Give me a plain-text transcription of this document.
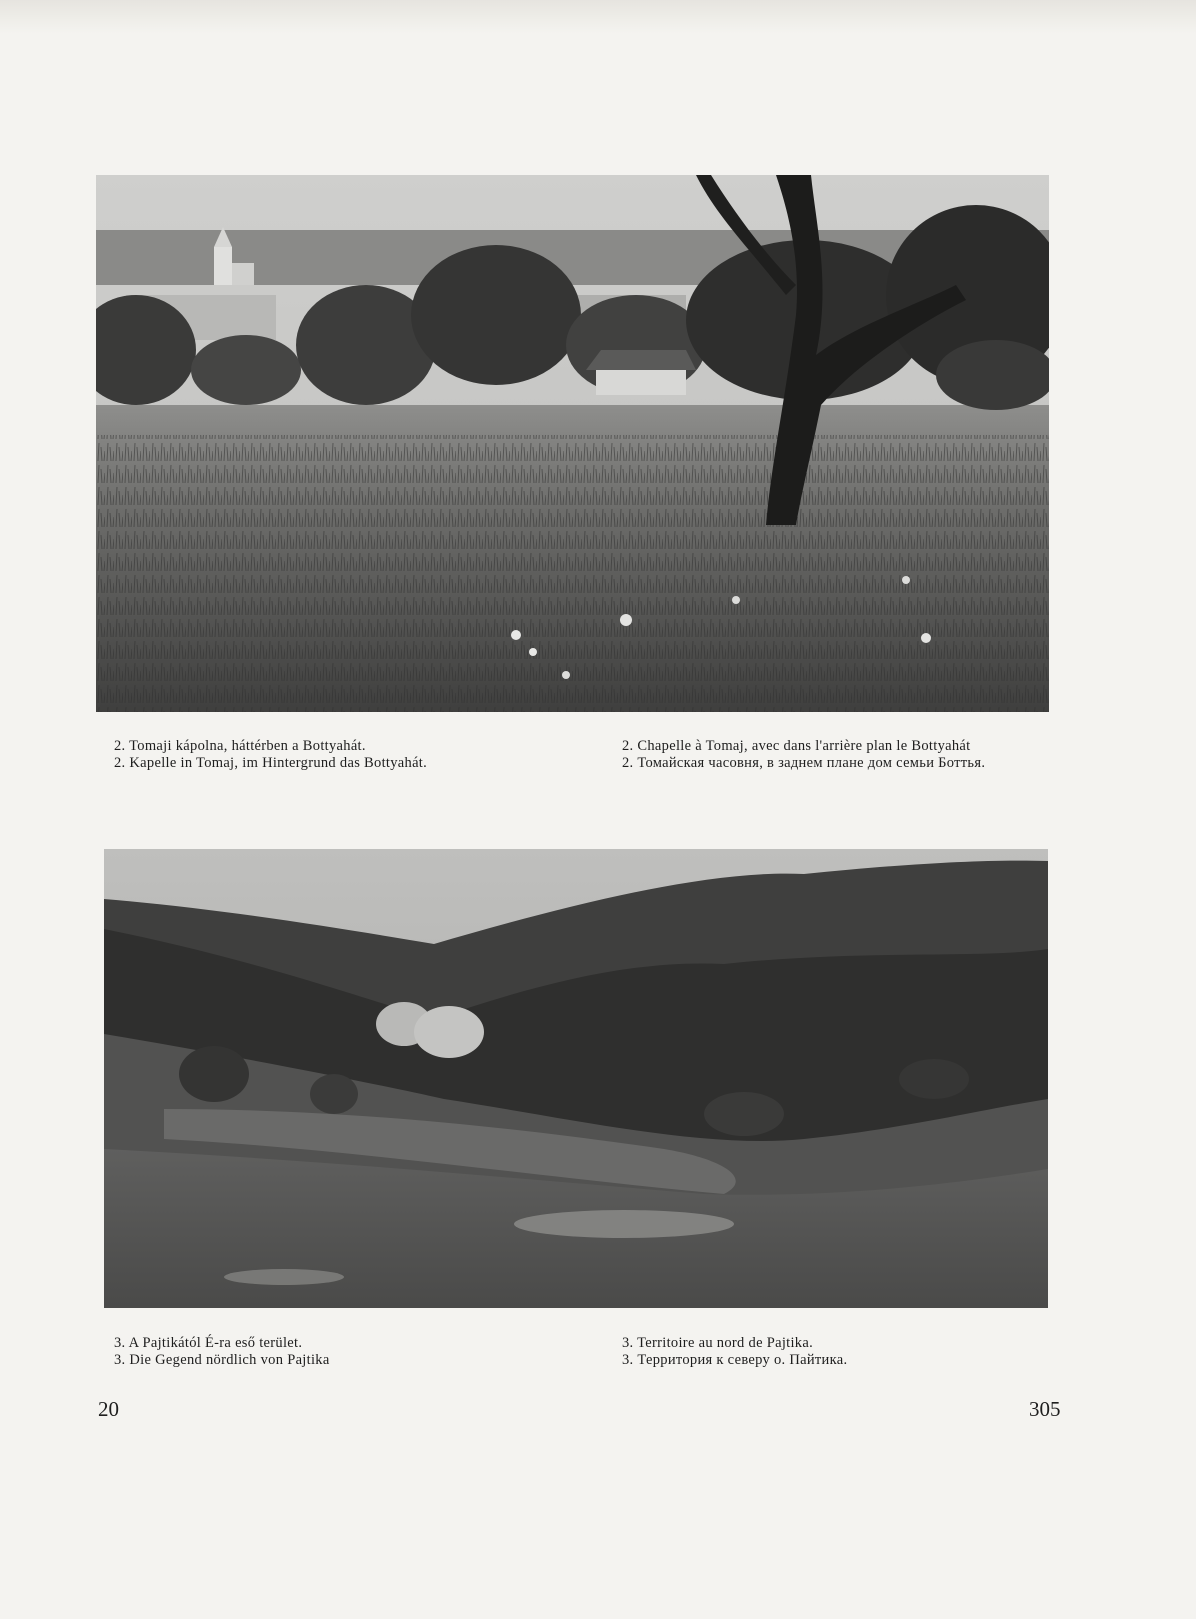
2. Tomaji kápolna, háttérben a Bottyahát.
2. Kapelle in Tomaj, im Hintergrund das Bottyahát.
2. Chapelle à Tomaj, avec dans l'arrière plan le Bottyahát
2. Томайская часовня, в заднем плане дом семьи Боттья.
3. A Pajtikától É-ra eső terület.
3. Die Gegend nördlich von Pajtika
3. Territoire au nord de Pajtika.
3. Территория к северу о. Пайтика.
20	305
